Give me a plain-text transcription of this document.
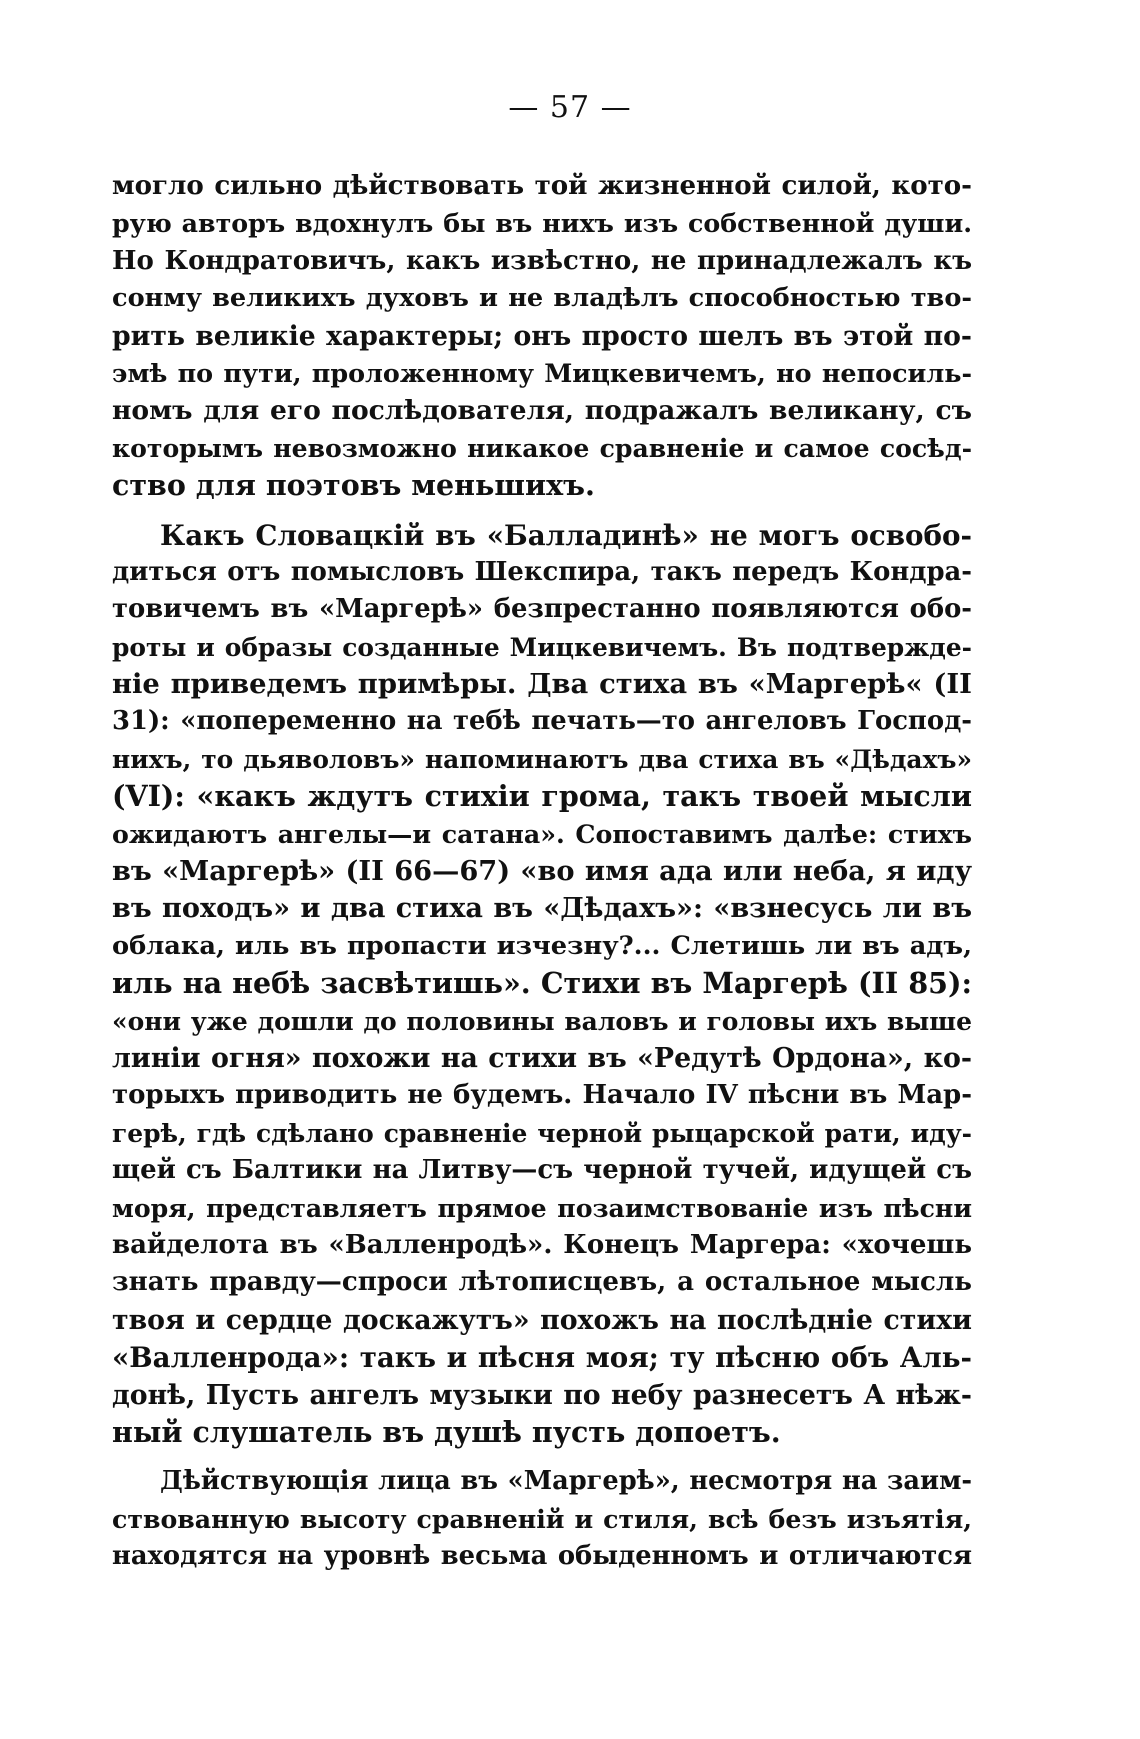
— 57 —
могло сильно дѣйствовать той жизненной силой, кото-
рую авторъ вдохнулъ бы въ нихъ изъ собственной души.
Но Кондратовичъ, какъ извѣстно, не принадлежалъ къ
сонму великихъ духовъ и не владѣлъ способностью тво-
рить великіе характеры; онъ просто шелъ въ этой по-
эмѣ по пути, проложенному Мицкевичемъ, но непосиль-
номъ для его послѣдователя, подражалъ великану, съ
которымъ невозможно никакое сравненіе и самое сосѣд-
ство для поэтовъ меньшихъ.
Какъ Словацкій въ «Балладинѣ» не могъ освобо-
диться отъ помысловъ Шекспира, такъ передъ Кондра-
товичемъ въ «Маргерѣ» безпрестанно появляются обо-
роты и образы созданные Мицкевичемъ. Въ подтвержде-
ніе приведемъ примѣры. Два стиха въ «Маргерѣ« (II
31): «попеременно на тебѣ печать—то ангеловъ Господ-
нихъ, то дьяволовъ» напоминаютъ два стиха въ «Дѣдахъ»
(VI): «какъ ждутъ стихіи грома, такъ твоей мысли
ожидаютъ ангелы—и сатана». Сопоставимъ далѣе: стихъ
въ «Маргерѣ» (II 66—67) «во имя ада или неба, я иду
въ походъ» и два стиха въ «Дѣдахъ»: «взнесусь ли въ
облака, иль въ пропасти изчезну?... Слетишь ли въ адъ,
иль на небѣ засвѣтишь». Стихи въ Маргерѣ (II 85):
«они уже дошли до половины валовъ и головы ихъ выше
линіи огня» похожи на стихи въ «Редутѣ Ордона», ко-
торыхъ приводить не будемъ. Начало IV пѣсни въ Мар-
герѣ, гдѣ сдѣлано сравненіе черной рыцарской рати, иду-
щей съ Балтики на Литву—съ черной тучей, идущей съ
моря, представляетъ прямое позаимствованіе изъ пѣсни
вайделота въ «Валленродѣ». Конецъ Маргера: «хочешь
знать правду—спроси лѣтописцевъ, а остальное мысль
твоя и сердце доскажутъ» похожъ на послѣдніе стихи
«Валленрода»: такъ и пѣсня моя; ту пѣсню объ Аль-
донѣ, Пусть ангелъ музыки по небу разнесетъ А нѣж-
ный слушатель въ душѣ пусть допоетъ.
Дѣйствующія лица въ «Маргерѣ», несмотря на заим-
ствованную высоту сравненій и стиля, всѣ безъ изъятія,
находятся на уровнѣ весьма обыденномъ и отличаются
